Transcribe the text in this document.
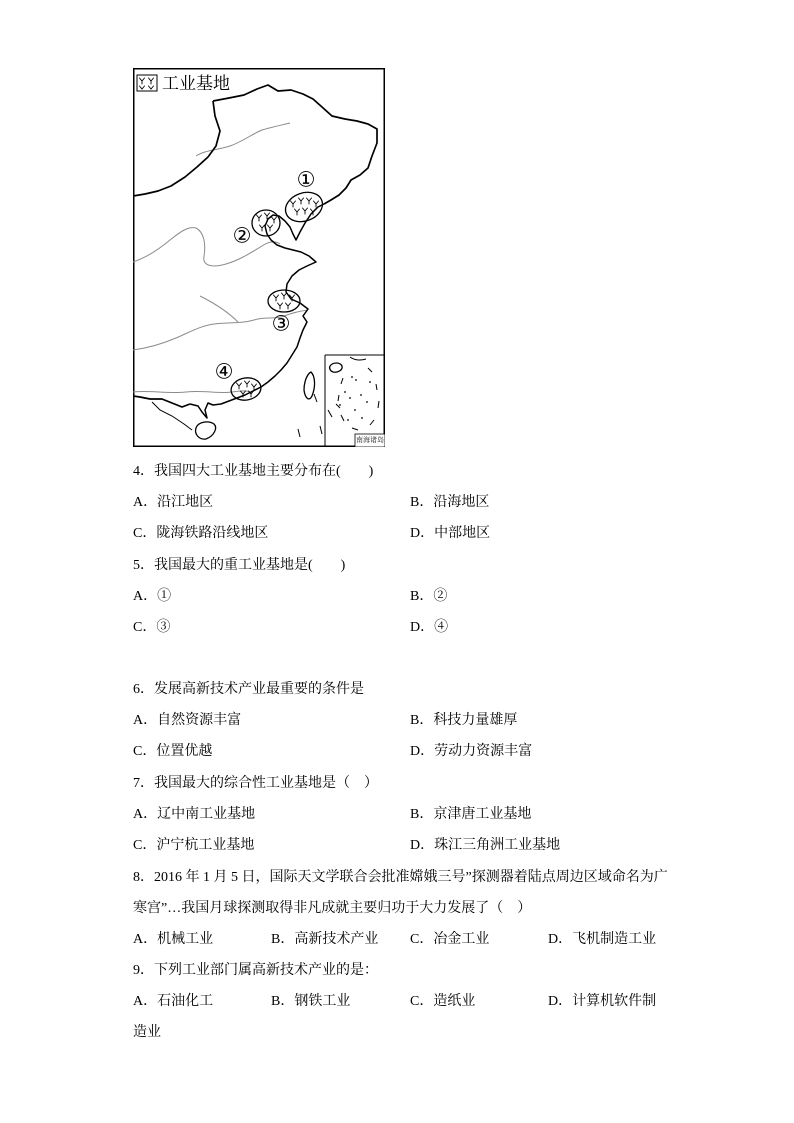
工业基地
①
②
③
④
南海诸岛
4．我国四大工业基地主要分布在(　　)
A．沿江地区	B．沿海地区
C．陇海铁路沿线地区	D．中部地区
5．我国最大的重工业基地是(　　)
A．①	B．②
C．③	D．④
6．发展高新技术产业最重要的条件是
A．自然资源丰富	B．科技力量雄厚
C．位置优越	D．劳动力资源丰富
7．我国最大的综合性工业基地是（　）
A．辽中南工业基地	B．京津唐工业基地
C．沪宁杭工业基地	D．珠江三角洲工业基地
8．2016 年 1 月 5 日，国际天文学联合会批准嫦娥三号”探测器着陆点周边区域命名为广
寒宫”…我国月球探测取得非凡成就主要归功于大力发展了（　）
A．机械工业	B．高新技术产业 C．冶金工业	D．飞机制造工业
9．下列工业部门属高新技术产业的是：
A．石油化工	B．钢铁工业	C．造纸业	D．计算机软件制造业
